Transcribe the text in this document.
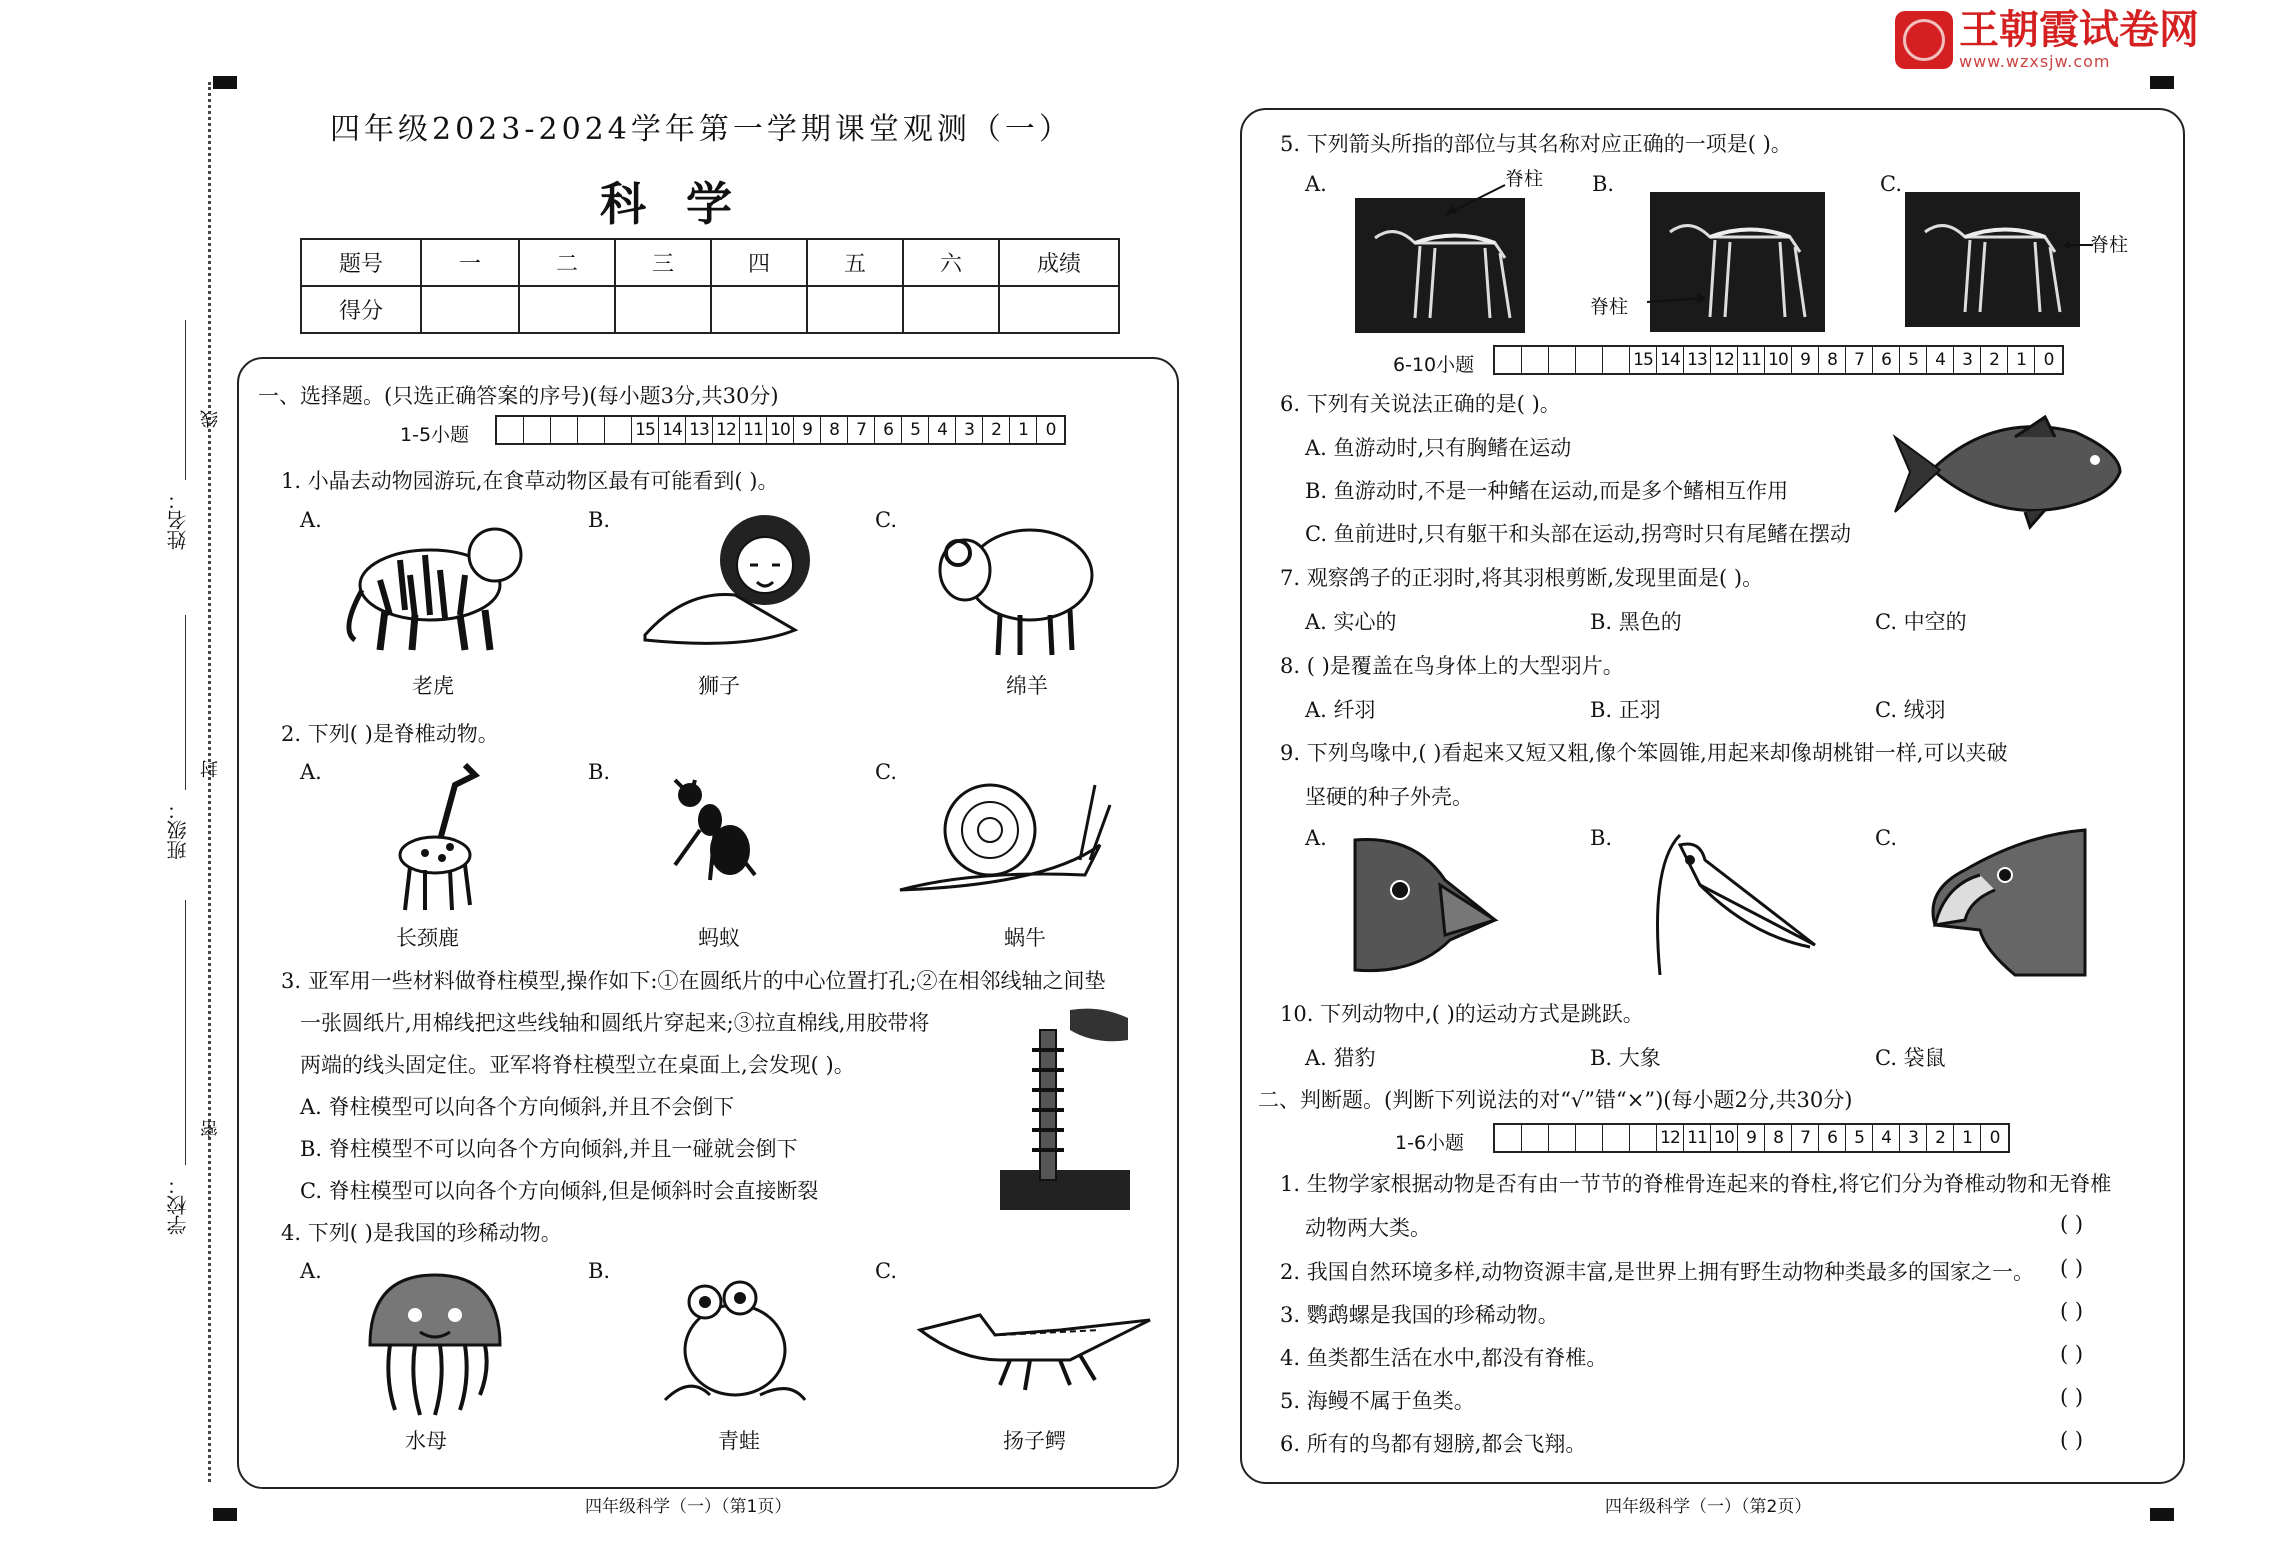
王朝霞试卷网
www.wzxsjw.com
姓名：
班级：
学校：
线
封
密
四年级2023-2024学年第一学期课堂观测（一）
科学
题号	一	二	三	四	五	六	成绩
得分							
一、选择题。(只选正确答案的序号)(每小题3分,共30分)
1-5小题	15 14 13 12 11 10 9	8	7	6	5	4	3	2	1	0
1. 小晶去动物园游玩,在食草动物区最有可能看到( )。
A.	B.	C.
老虎	狮子	绵羊
2. 下列( )是脊椎动物。
A.	B.	C.
长颈鹿	蚂蚁	蜗牛
3. 亚军用一些材料做脊柱模型,操作如下:①在圆纸片的中心位置打孔;②在相邻线轴之间垫
一张圆纸片,用棉线把这些线轴和圆纸片穿起来;③拉直棉线,用胶带将
两端的线头固定住。亚军将脊柱模型立在桌面上,会发现( )。
A. 脊柱模型可以向各个方向倾斜,并且不会倒下
B. 脊柱模型不可以向各个方向倾斜,并且一碰就会倒下
C. 脊柱模型可以向各个方向倾斜,但是倾斜时会直接断裂
4. 下列( )是我国的珍稀动物。
A.	B.	C.
水母	青蛙	扬子鳄
四年级科学（一）（第1页）
5. 下列箭头所指的部位与其名称对应正确的一项是( )。
A.	B.	C.
脊柱
脊柱
脊柱
6-10小题	15 14 13 12 11 10 9	8	7	6	5	4	3	2	1	0
6. 下列有关说法正确的是( )。
A. 鱼游动时,只有胸鳍在运动
B. 鱼游动时,不是一种鳍在运动,而是多个鳍相互作用
C. 鱼前进时,只有躯干和头部在运动,拐弯时只有尾鳍在摆动
7. 观察鸽子的正羽时,将其羽根剪断,发现里面是( )。
A. 实心的	B. 黑色的	C. 中空的
8. ( )是覆盖在鸟身体上的大型羽片。
A. 纤羽	B. 正羽	C. 绒羽
9. 下列鸟喙中,( )看起来又短又粗,像个笨圆锥,用起来却像胡桃钳一样,可以夹破
坚硬的种子外壳。
A.	B.	C.
10. 下列动物中,( )的运动方式是跳跃。
A. 猎豹	B. 大象	C. 袋鼠
二、判断题。(判断下列说法的对“√”错“×”)(每小题2分,共30分)
1-6小题	12 11 10 9	8	7	6	5	4	3	2	1	0
1. 生物学家根据动物是否有由一节节的脊椎骨连起来的脊柱,将它们分为脊椎动物和无脊椎
动物两大类。	( )
2. 我国自然环境多样,动物资源丰富,是世界上拥有野生动物种类最多的国家之一。 ( )
3. 鹦鹉螺是我国的珍稀动物。	( )
4. 鱼类都生活在水中,都没有脊椎。	( )
5. 海鳗不属于鱼类。	( )
6. 所有的鸟都有翅膀,都会飞翔。	( )
四年级科学（一）（第2页）
